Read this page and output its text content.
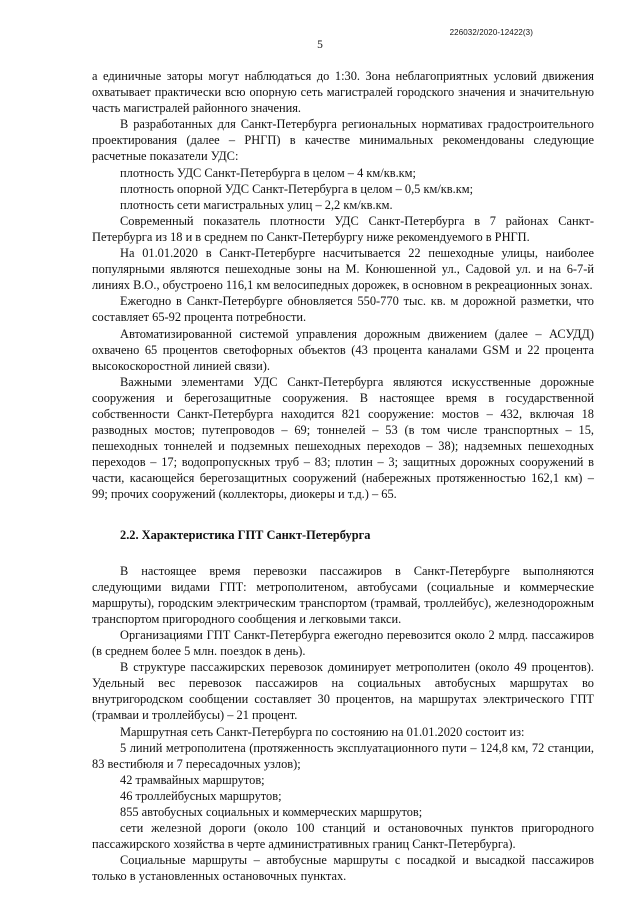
226032/2020-12422(3)
5

а единичные заторы могут наблюдаться до 1:30. Зона неблагоприятных условий движения охватывает практически всю опорную сеть магистралей городского значения и значительную часть магистралей районного значения.

В разработанных для Санкт-Петербурга региональных нормативах градостроительного проектирования (далее – РНГП) в качестве минимальных рекомендованы следующие расчетные показатели УДС:

плотность УДС Санкт-Петербурга в целом – 4 км/кв.км;

плотность опорной УДС Санкт-Петербурга в целом – 0,5 км/кв.км;

плотность сети магистральных улиц – 2,2 км/кв.км.

Современный показатель плотности УДС Санкт-Петербурга в 7 районах Санкт-Петербурга из 18 и в среднем по Санкт-Петербургу ниже рекомендуемого в РНГП.

На 01.01.2020 в Санкт-Петербурге насчитывается 22 пешеходные улицы, наиболее популярными являются пешеходные зоны на М. Конюшенной ул., Садовой ул. и на 6-7-й линиях В.О., обустроено 116,1 км велосипедных дорожек, в основном в рекреационных зонах.

Ежегодно в Санкт-Петербурге обновляется 550-770 тыс. кв. м дорожной разметки, что составляет 65-92 процента потребности.

Автоматизированной системой управления дорожным движением (далее – АСУДД) охвачено 65 процентов светофорных объектов (43 процента каналами GSM и 22 процента высокоскоростной линией связи).

Важными элементами УДС Санкт-Петербурга являются искусственные дорожные сооружения и берегозащитные сооружения. В настоящее время в государственной собственности Санкт-Петербурга находится 821 сооружение: мостов – 432, включая 18 разводных мостов; путепроводов – 69; тоннелей – 53 (в том числе транспортных – 15, пешеходных тоннелей и подземных пешеходных переходов – 38); надземных пешеходных переходов – 17; водопропускных труб – 83; плотин – 3; защитных дорожных сооружений в части, касающейся берегозащитных сооружений (набережных протяженностью 162,1 км) – 99; прочих сооружений (коллекторы, диокеры и т.д.) – 65.

2.2. Характеристика ГПТ Санкт-Петербурга

В настоящее время перевозки пассажиров в Санкт-Петербурге выполняются следующими видами ГПТ: метрополитеном, автобусами (социальные и коммерческие маршруты), городским электрическим транспортом (трамвай, троллейбус), железнодорожным транспортом пригородного сообщения и легковыми такси.

Организациями ГПТ Санкт-Петербурга ежегодно перевозится около 2 млрд. пассажиров (в среднем более 5 млн. поездок в день).

В структуре пассажирских перевозок доминирует метрополитен (около 49 процентов). Удельный вес перевозок пассажиров на социальных автобусных маршрутах во внутригородском сообщении составляет 30 процентов, на маршрутах электрического ГПТ (трамваи и троллейбусы) – 21 процент.

Маршрутная сеть Санкт-Петербурга по состоянию на 01.01.2020 состоит из:

5 линий метрополитена (протяженность эксплуатационного пути – 124,8 км, 72 станции, 83 вестибюля и 7 пересадочных узлов);

42 трамвайных маршрутов;

46 троллейбусных маршрутов;

855 автобусных социальных и коммерческих маршрутов;

сети железной дороги (около 100 станций и остановочных пунктов пригородного пассажирского хозяйства в черте административных границ Санкт-Петербурга).

Социальные маршруты – автобусные маршруты с посадкой и высадкой пассажиров только в установленных остановочных пунктах.
